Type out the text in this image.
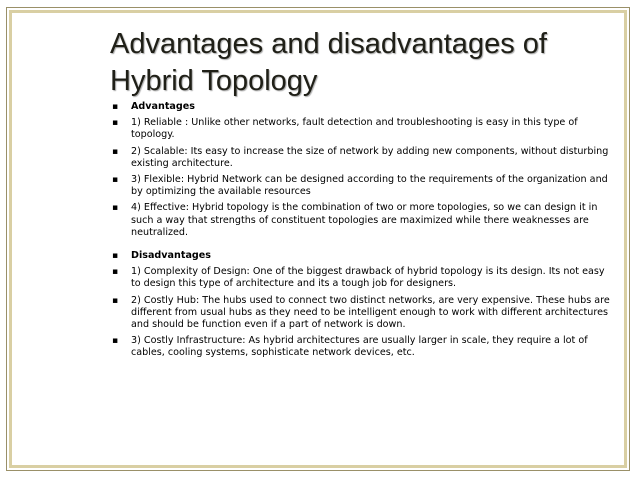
Advantages and disadvantages of
Hybrid Topology
▪ Advantages
▪ 1) Reliable : Unlike other networks, fault detection and troubleshooting is easy in this type of topology.
▪ 2) Scalable: Its easy to increase the size of network by adding new components, without disturbing existing architecture.
▪ 3) Flexible: Hybrid Network can be designed according to the requirements of the organization and by optimizing the available resources
▪ 4) Effective: Hybrid topology is the combination of two or more topologies, so we can design it in such a way that strengths of constituent topologies are maximized while there weaknesses are neutralized.
▪ Disadvantages
▪ 1) Complexity of Design: One of the biggest drawback of hybrid topology is its design. Its not easy to design this type of architecture and its a tough job for designers.
▪ 2) Costly Hub: The hubs used to connect two distinct networks, are very expensive. These hubs are different from usual hubs as they need to be intelligent enough to work with different architectures and should be function even if a part of network is down.
▪ 3) Costly Infrastructure: As hybrid architectures are usually larger in scale, they require a lot of cables, cooling systems, sophisticate network devices, etc.
